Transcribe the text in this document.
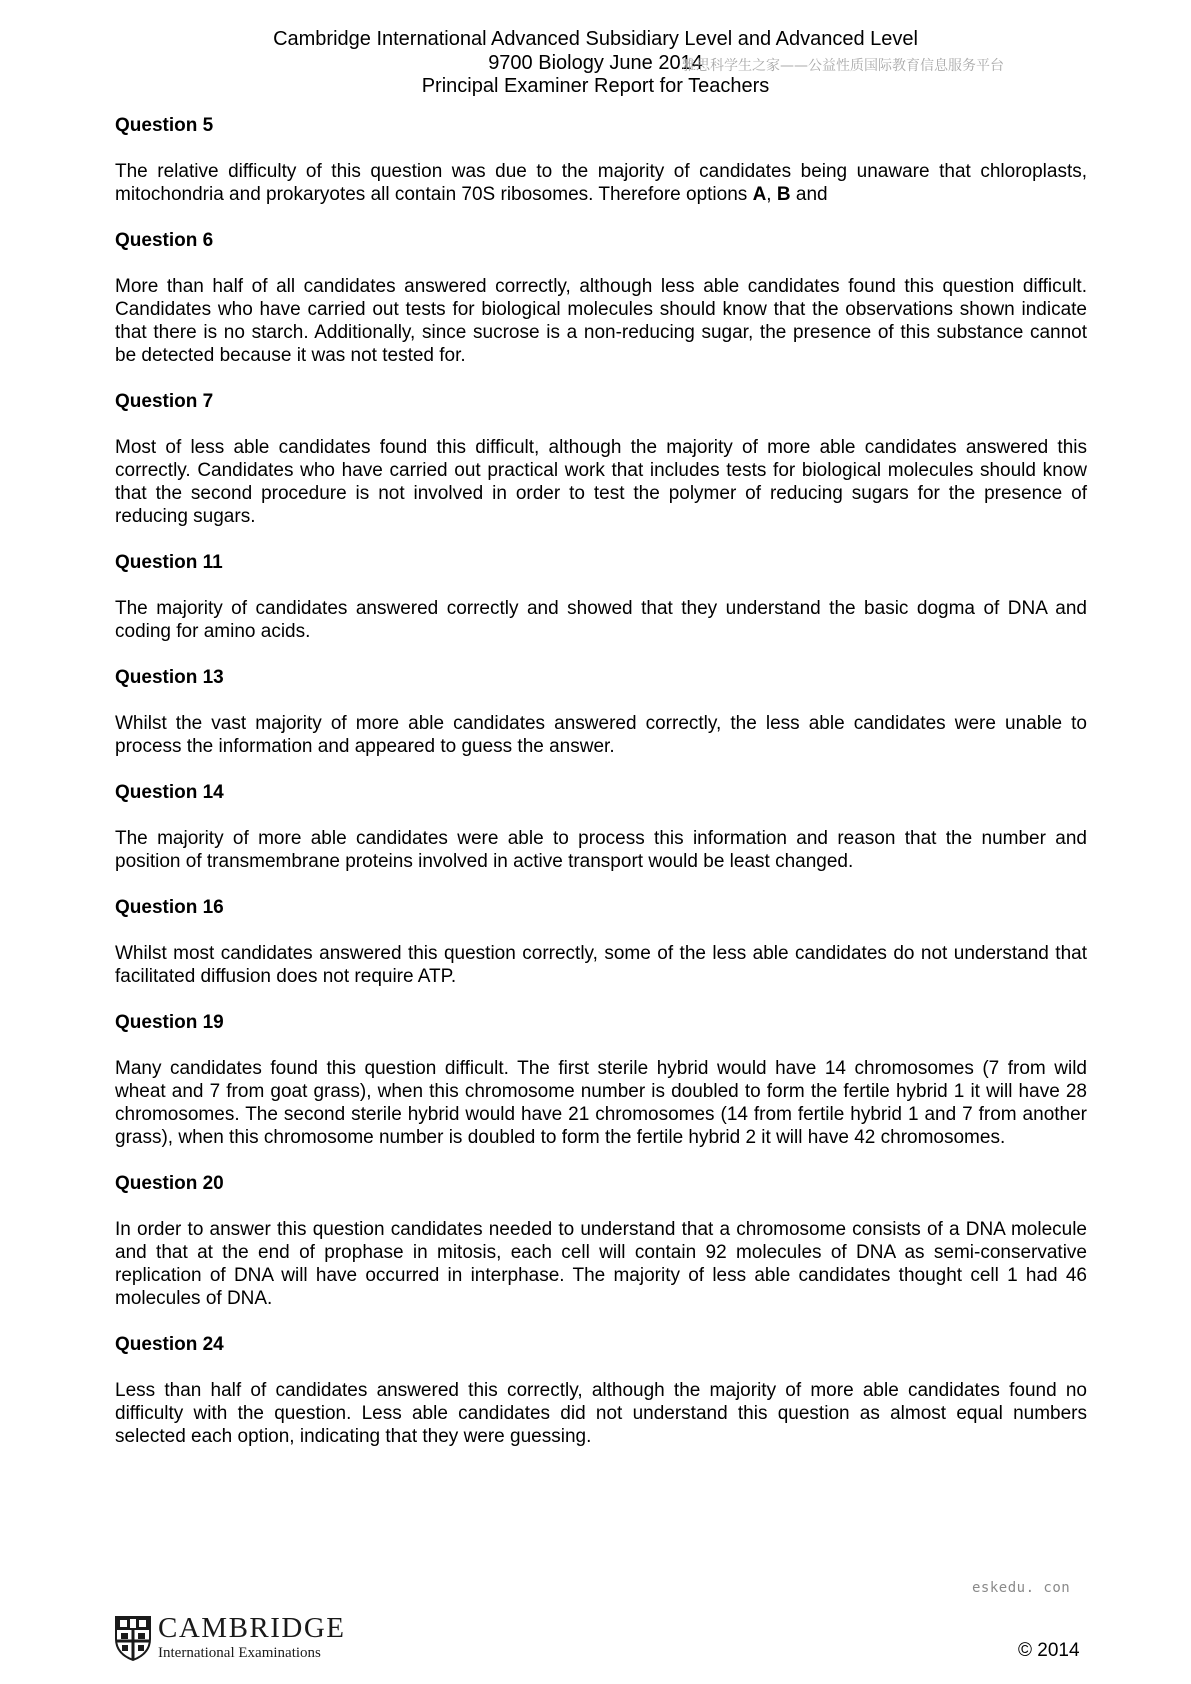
Cambridge International Advanced Subsidiary Level and Advanced Level
9700 Biology June 2014
Principal Examiner Report for Teachers
雅思科学生之家——公益性质国际教育信息服务平台
Question 5
The relative difficulty of this question was due to the majority of candidates being unaware that chloroplasts, mitochondria and prokaryotes all contain 70S ribosomes. Therefore options A, B and
Question 6
More than half of all candidates answered correctly, although less able candidates found this question difficult. Candidates who have carried out tests for biological molecules should know that the observations shown indicate that there is no starch. Additionally, since sucrose is a non-reducing sugar, the presence of this substance cannot be detected because it was not tested for.
Question 7
Most of less able candidates found this difficult, although the majority of more able candidates answered this correctly. Candidates who have carried out practical work that includes tests for biological molecules should know that the second procedure is not involved in order to test the polymer of reducing sugars for the presence of reducing sugars.
Question 11
The majority of candidates answered correctly and showed that they understand the basic dogma of DNA and coding for amino acids.
Question 13
Whilst the vast majority of more able candidates answered correctly, the less able candidates were unable to process the information and appeared to guess the answer.
Question 14
The majority of more able candidates were able to process this information and reason that the number and position of transmembrane proteins involved in active transport would be least changed.
Question 16
Whilst most candidates answered this question correctly, some of the less able candidates do not understand that facilitated diffusion does not require ATP.
Question 19
Many candidates found this question difficult. The first sterile hybrid would have 14 chromosomes (7 from wild wheat and 7 from goat grass), when this chromosome number is doubled to form the fertile hybrid 1 it will have 28 chromosomes. The second sterile hybrid would have 21 chromosomes (14 from fertile hybrid 1 and 7 from another grass), when this chromosome number is doubled to form the fertile hybrid 2 it will have 42 chromosomes.
Question 20
In order to answer this question candidates needed to understand that a chromosome consists of a DNA molecule and that at the end of prophase in mitosis, each cell will contain 92 molecules of DNA as semi-conservative replication of DNA will have occurred in interphase. The majority of less able candidates thought cell 1 had 46 molecules of DNA.
Question 24
Less than half of candidates answered this correctly, although the majority of more able candidates found no difficulty with the question. Less able candidates did not understand this question as almost equal numbers selected each option, indicating that they were guessing.
eskedu. con
CAMBRIDGE
International Examinations	© 2014
